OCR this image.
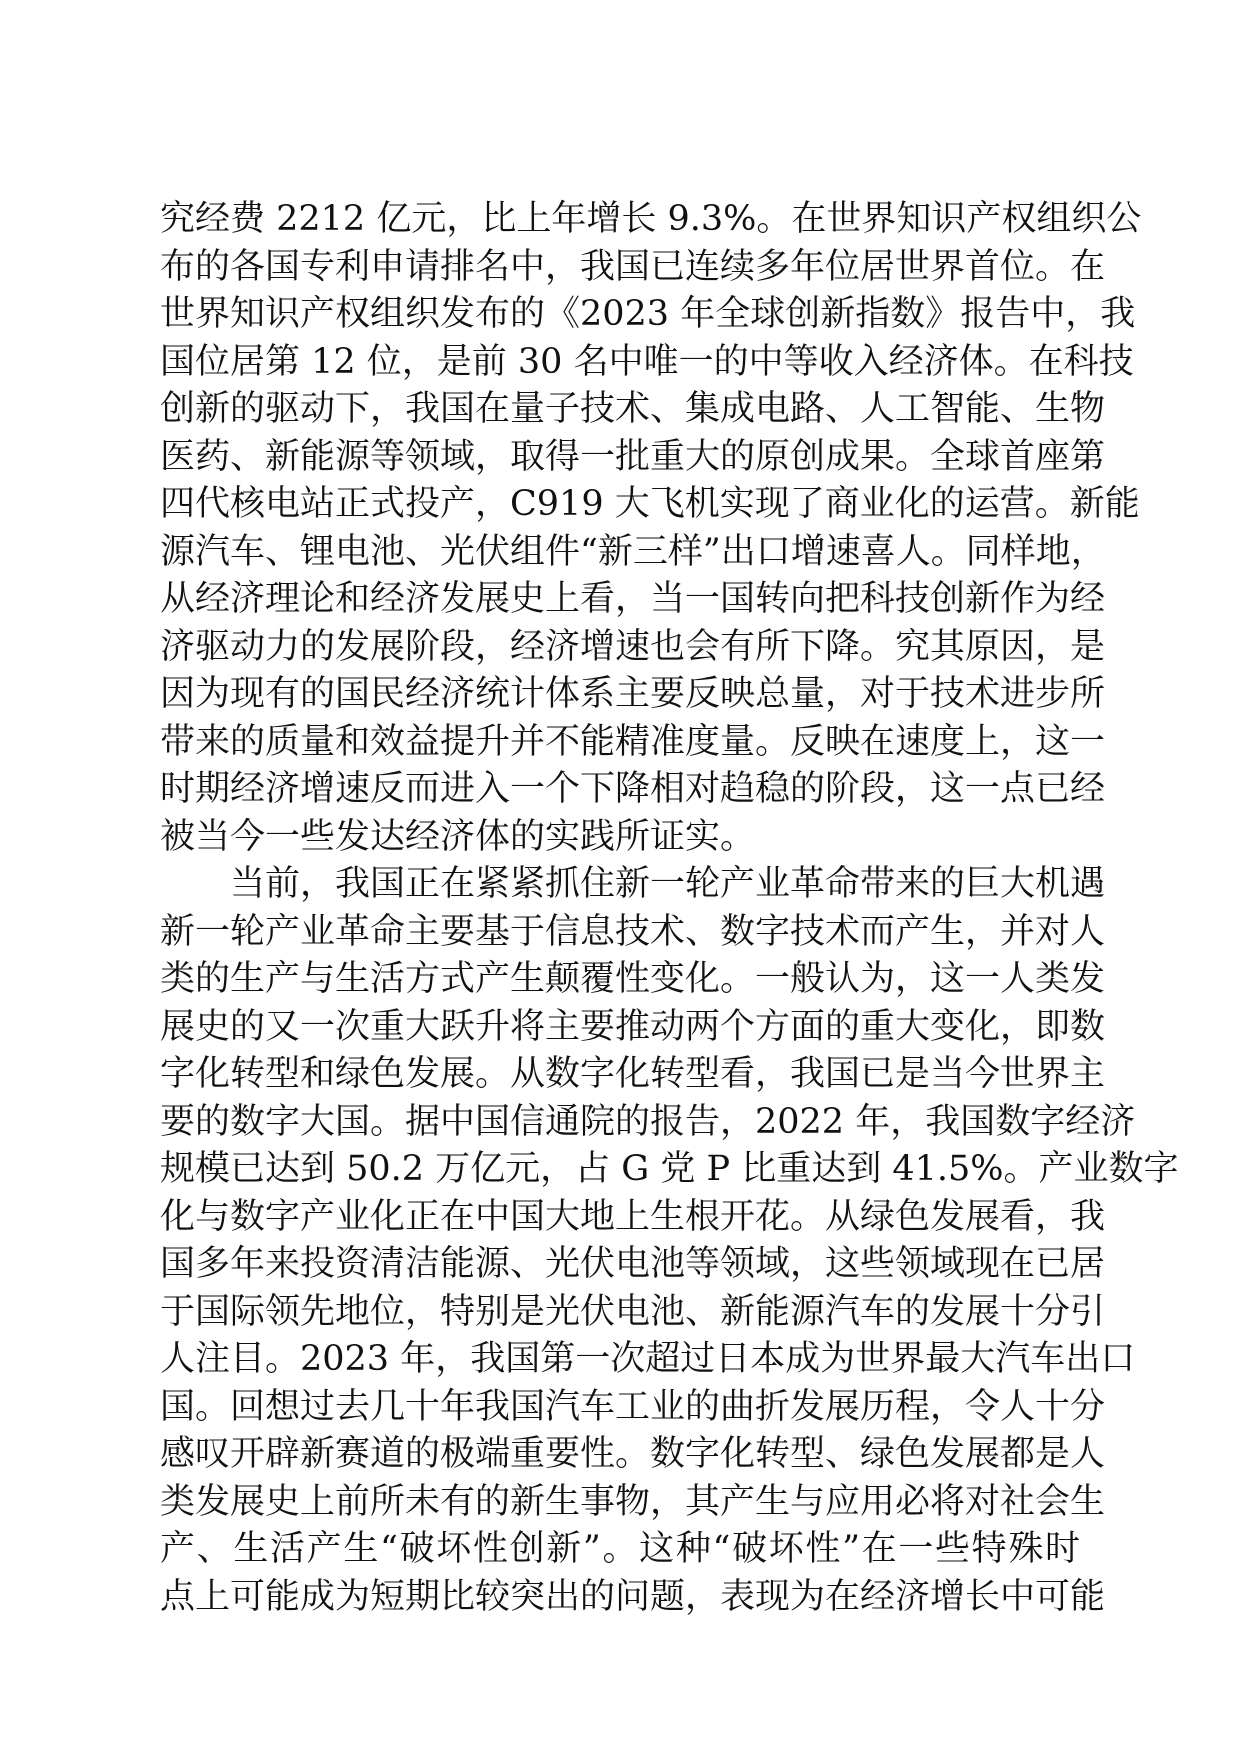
究经费 2212 亿元，比上年增长 9.3%。在世界知识产权组织公
布的各国专利申请排名中，我国已连续多年位居世界首位。在
世界知识产权组织发布的《2023 年全球创新指数》报告中，我
国位居第 12 位，是前 30 名中唯一的中等收入经济体。在科技
创新的驱动下，我国在量子技术、集成电路、人工智能、生物
医药、新能源等领域，取得一批重大的原创成果。全球首座第
四代核电站正式投产，C919 大飞机实现了商业化的运营。新能
源汽车、锂电池、光伏组件“新三样”出口增速喜人。同样地，
从经济理论和经济发展史上看，当一国转向把科技创新作为经
济驱动力的发展阶段，经济增速也会有所下降。究其原因，是
因为现有的国民经济统计体系主要反映总量，对于技术进步所
带来的质量和效益提升并不能精准度量。反映在速度上，这一
时期经济增速反而进入一个下降相对趋稳的阶段，这一点已经
被当今一些发达经济体的实践所证实。
　　当前，我国正在紧紧抓住新一轮产业革命带来的巨大机遇
新一轮产业革命主要基于信息技术、数字技术而产生，并对人
类的生产与生活方式产生颠覆性变化。一般认为，这一人类发
展史的又一次重大跃升将主要推动两个方面的重大变化，即数
字化转型和绿色发展。从数字化转型看，我国已是当今世界主
要的数字大国。据中国信通院的报告，2022 年，我国数字经济
规模已达到 50.2 万亿元，占 G 党 P 比重达到 41.5%。产业数字
化与数字产业化正在中国大地上生根开花。从绿色发展看，我
国多年来投资清洁能源、光伏电池等领域，这些领域现在已居
于国际领先地位，特别是光伏电池、新能源汽车的发展十分引
人注目。2023 年，我国第一次超过日本成为世界最大汽车出口
国。回想过去几十年我国汽车工业的曲折发展历程，令人十分
感叹开辟新赛道的极端重要性。数字化转型、绿色发展都是人
类发展史上前所未有的新生事物，其产生与应用必将对社会生
产、生活产生“破坏性创新”。这种“破坏性”在一些特殊时
点上可能成为短期比较突出的问题，表现为在经济增长中可能
